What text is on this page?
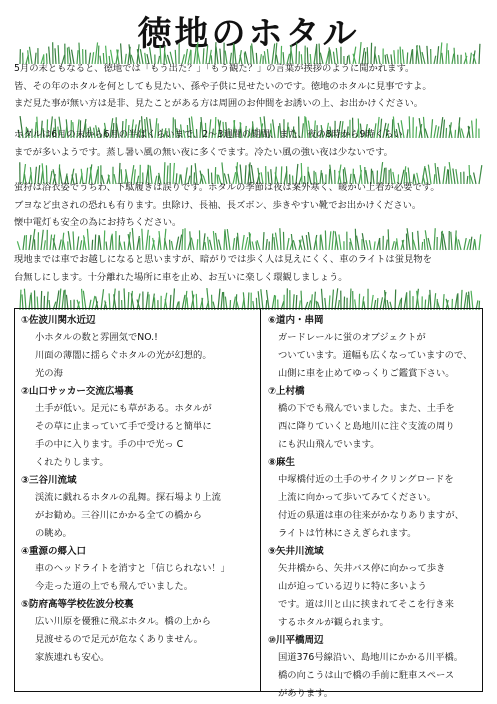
徳地のホタル
5月の末ともなると、徳地では「もう出た？」「もう観た？」の言葉が挨拶のように聞かれます。
皆、その年のホタルを何としても見たい、孫や子供に見せたいのです。徳地のホタルに見事ですよ。
まだ見た事が無い方は是非、見たことがある方は周囲のお仲間をお誘いの上、お出かけください。
ホタルは6月の末から6月の半ばくらいまで、2～3週間の期間、また、夜の8時から9時くらい
までが多いようです。蒸し暑い風の無い夜に多くでます。冷たい風の強い夜は少ないです。
蛍狩は浴衣姿でうちわ、下駄履きは誤りです。ホタルの季節は夜は案外寒く、暖かい上着が必要です。
ブヨなど虫されの恐れも有ります。虫除け、長袖、長ズボン、歩きやすい靴でお出かけください。
懐中電灯も安全の為にお持ちください。
現地までは車でお越しになると思いますが、暗がりでは歩く人は見えにくく、車のライトは蛍見物を
台無しにします。十分離れた場所に車を止め、お互いに楽しく環観しましょう。
①佐波川関水近辺
小ホタルの数と雰囲気でNO.!
川面の薄闇に揺らぐホタルの光が幻想的。
光の海
②山口サッカー交流広場裏
土手が低い。足元にも草がある。ホタルが
その草に止まっていて手で受けると簡単に
手の中に入ります。手の中で光っ C
くれたりします。
③三谷川流域
渓流に戯れるホタルの乱舞。探石場より上流
がお勧め。三谷川にかかる全ての橋から
の眺め。
④重源の郷入口
車のヘッドライトを消すと「信じられない！」
今走った道の上でも飛んでいました。
⑤防府高等学校佐波分校裏
広い川原を優雅に飛ぶホタル。橋の上から
見渡せるので足元が危なくありません。
家族連れも安心。
⑥道内・串岡
ガードレールに蛍のオブジェクトが
ついています。道幅も広くなっていますので、
山側に車を止めてゆっくりご鑑賞下さい。
⑦上村橋
橋の下でも飛んでいました。また、土手を
西に降りていくと島地川に注ぐ支流の周り
にも沢山飛んでいます。
⑧麻生
中塚橋付近の土手のサイクリングロードを
上流に向かって歩いてみてください。
付近の県道は車の往来がかなりありますが、
ライトは竹林にさえぎられます。
⑨矢井川流域
矢井橋から、矢井バス停に向かって歩き
山が迫っている辺りに特に多いよう
です。道は川と山に挟まれてそこを行き来
するホタルが観られます。
⑩川平橋周辺
国道376号線沿い、島地川にかかる川平橋。
橋の向こうは山で橋の手前に駐車スペース
があります。
